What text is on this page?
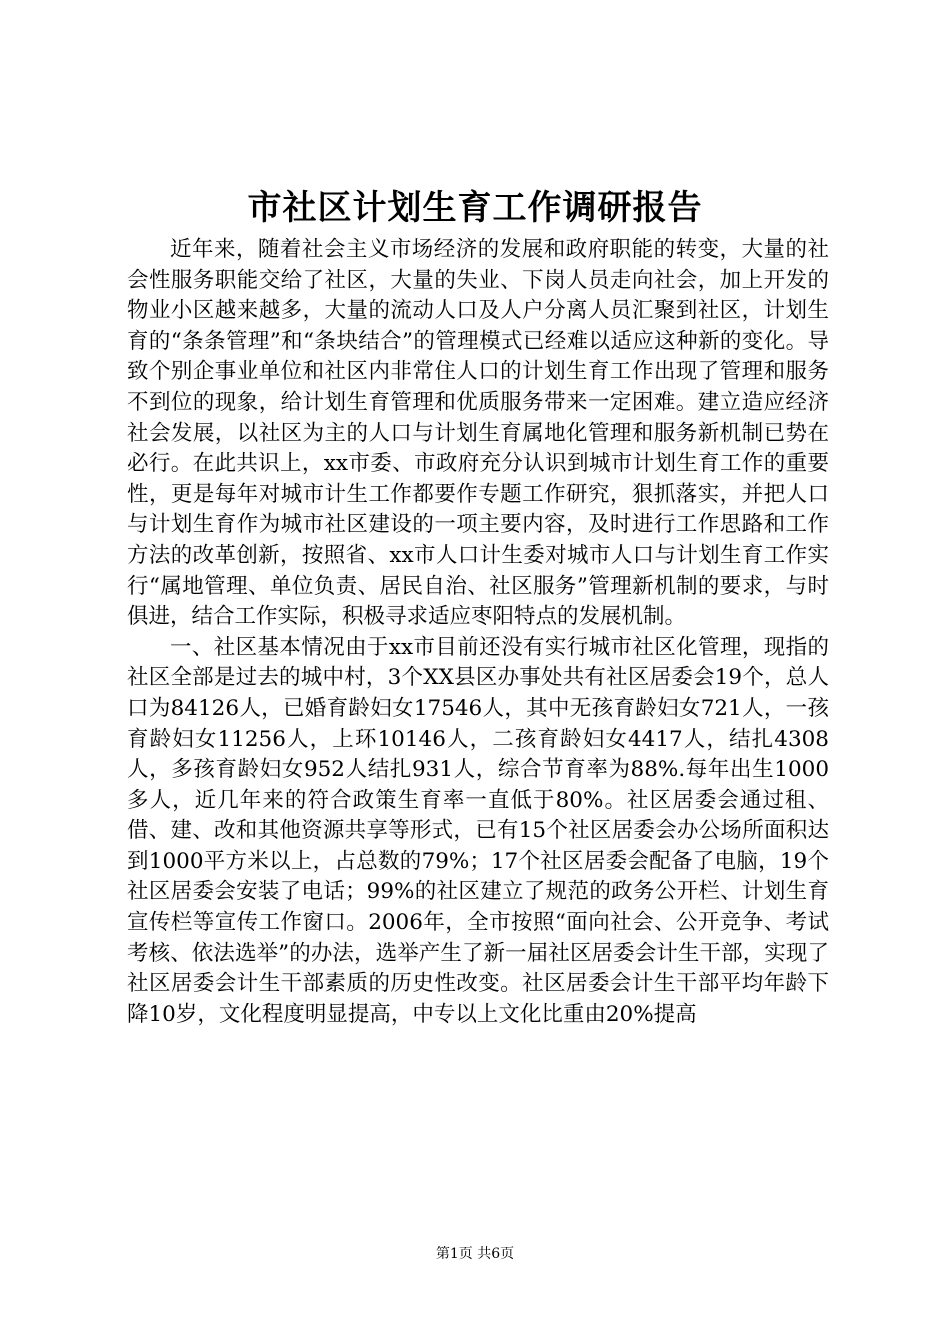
市社区计划生育工作调研报告

近年来，随着社会主义市场经济的发展和政府职能的转变，大量的社会性服务职能交给了社区，大量的失业、下岗人员走向社会，加上开发的物业小区越来越多，大量的流动人口及人户分离人员汇聚到社区，计划生育的“条条管理”和“条块结合”的管理模式已经难以适应这种新的变化。导致个别企事业单位和社区内非常住人口的计划生育工作出现了管理和服务不到位的现象，给计划生育管理和优质服务带来一定困难。建立造应经济社会发展，以社区为主的人口与计划生育属地化管理和服务新机制已势在必行。在此共识上，xx市委、市政府充分认识到城市计划生育工作的重要性，更是每年对城市计生工作都要作专题工作研究，狠抓落实，并把人口与计划生育作为城市社区建设的一项主要内容，及时进行工作思路和工作方法的改革创新，按照省、xx市人口计生委对城市人口与计划生育工作实行“属地管理、单位负责、居民自治、社区服务”管理新机制的要求，与时俱进，结合工作实际，积极寻求适应枣阳特点的发展机制。

一、社区基本情况由于xx市目前还没有实行城市社区化管理，现指的社区全部是过去的城中村，3个XX县区办事处共有社区居委会19个，总人口为84126人，已婚育龄妇女17546人，其中无孩育龄妇女721人，一孩育龄妇女11256人，上环10146人，二孩育龄妇女4417人，结扎4308人，多孩育龄妇女952人结扎931人，综合节育率为88%.每年出生1000多人，近几年来的符合政策生育率一直低于80%。社区居委会通过租、借、建、改和其他资源共享等形式，已有15个社区居委会办公场所面积达到1000平方米以上，占总数的79%；17个社区居委会配备了电脑，19个社区居委会安装了电话；99%的社区建立了规范的政务公开栏、计划生育宣传栏等宣传工作窗口。2006年，全市按照“面向社会、公开竞争、考试考核、依法选举”的办法，选举产生了新一届社区居委会计生干部，实现了社区居委会计生干部素质的历史性改变。社区居委会计生干部平均年龄下降10岁，文化程度明显提高，中专以上文化比重由20%提高

第1页 共6页
